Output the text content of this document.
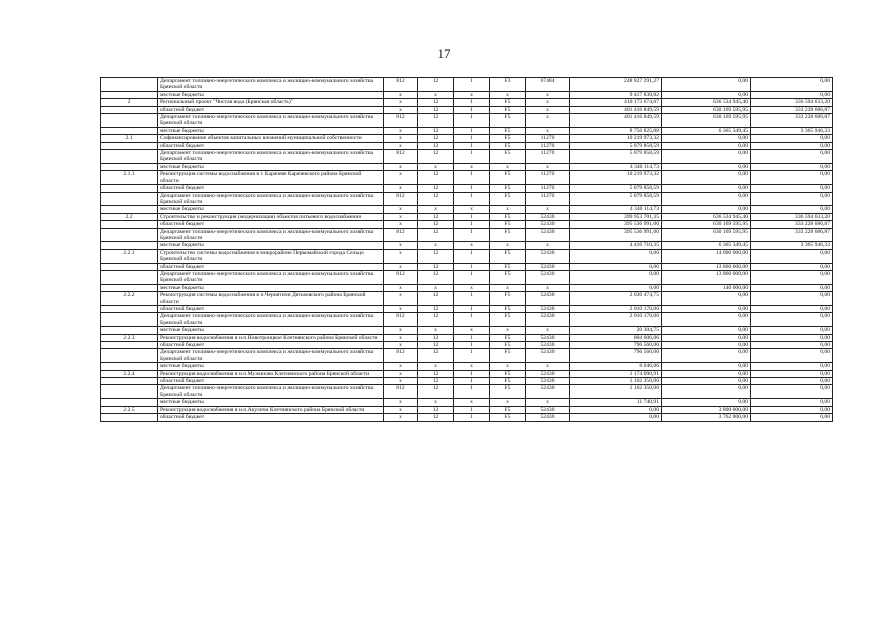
17
	Департамент топливно-энергетического комплекса и жилищно-коммунального хозяйства Брянской области	812	12	1	F3	67484	248 827 291,27	0,00	0,00
	местные бюджеты	x	x	x	x	x	9 417 830,82	0,00	0,00
2	Региональный проект "Чистая вода (Брянская область)"	x	12	1	F5	x	410 173 674,67	636 534 945,40	336 594 633,20
	областной бюджет	x	12	1	F5	x	401 416 849,59	630 169 595,95	333 228 686,87
	Департамент топливно-энергетического комплекса и жилищно-коммунального хозяйства Брянской области	812	12	1	F5	x	401 416 849,59	630 169 595,95	333 228 686,87
	местные бюджеты	x	12	1	F5	x	8 756 825,08	6 365 349,45	3 365 946,33
2.1	Софинансирование объектов капитальных вложений муниципальной собственности	x	12	1	F5	11270	10 219 973,32	0,00	0,00
	областной бюджет	x	12	1	F5	11270	5 879 858,59	0,00	0,00
	Департамент топливно-энергетического комплекса и жилищно-коммунального хозяйства Брянской области	812	12	1	F5	11270	5 879 858,59	0,00	0,00
	местные бюджеты	x	x	x	x	x	4 340 114,73	0,00	0,00
2.1.1	Реконструкция системы водоснабжения в г. Карачеве Карачевского района Брянской области	x	12	1	F5	11270	10 219 973,32	0,00	0,00
	областной бюджет	x	12	1	F5	11270	5 879 858,59	0,00	0,00
	Департамент топливно-энергетического комплекса и жилищно-коммунального хозяйства Брянской области	812	12	1	F5	11270	5 879 858,59	0,00	0,00
	местные бюджеты	x	x	x	x	x	4 340 114,73	0,00	0,00
2.2	Строительство и реконструкция (модернизация) объектов питьевого водоснабжения	x	12	1	F5	52430	399 953 701,35	636 534 945,40	336 594 633,20
	областной бюджет	x	12	1	F5	52430	395 536 991,00	630 169 595,95	333 228 686,87
	Департамент топливно-энергетического комплекса и жилищно-коммунального хозяйства Брянской области	812	12	1	F5	52430	395 536 991,00	630 169 595,95	333 228 686,87
	местные бюджеты	x	x	x	x	x	4 416 710,35	6 365 349,45	3 365 946,33
2.2.1	Строительство системы водоснабжения в микрорайоне Первомайский города Сельцо Брянской области	x	12	1	F5	52430	0,00	14 000 000,00	0,00
	областной бюджет	x	12	1	F5	52430	0,00	13 860 000,00	0,00
	Департамент топливно-энергетического комплекса и жилищно-коммунального хозяйства Брянской области	812	12	1	F5	52430	0,00	13 860 000,00	0,00
	местные бюджеты	x	x	x	x	x	0,00	140 000,00	0,00
2.2.2	Реконструкция системы водоснабжения в п.Чернятичи Дятьковского района Брянской области	x	12	1	F5	52430	2 030 474,75	0,00	0,00
	областной бюджет	x	12	1	F5	52430	2 010 170,00	0,00	0,00
	Департамент топливно-энергетического комплекса и жилищно-коммунального хозяйства Брянской области	812	12	1	F5	52430	2 010 170,00	0,00	0,00
	местные бюджеты	x	x	x	x	x	20 304,75	0,00	0,00
2.2.3	Реконструкция водоснабжения в н.п.Новотроицкое Клетнянского района Брянской области	x	12	1	F5	52430	804 606,06	0,00	0,00
	областной бюджет	x	12	1	F5	52430	796 560,00	0,00	0,00
	Департамент топливно-энергетического комплекса и жилищно-коммунального хозяйства Брянской области	812	12	1	F5	52430	796 560,00	0,00	0,00
	местные бюджеты	x	x	x	x	x	8 046,06	0,00	0,00
2.2.4	Реконструкция водоснабжения в н.п.Мужиново Клетнянского района Брянской области	x	12	1	F5	52430	1 174 090,91	0,00	0,00
	областной бюджет	x	12	1	F5	52430	1 162 350,00	0,00	0,00
	Департамент топливно-энергетического комплекса и жилищно-коммунального хозяйства Брянской области	812	12	1	F5	52430	1 162 350,00	0,00	0,00
	местные бюджеты	x	x	x	x	x	11 740,91	0,00	0,00
2.2.5	Реконструкция водоснабжения в н.п.Акуличи Клетнянского района Брянской области	x	12	1	F5	52430	0,00	3 800 000,00	0,00
	областной бюджет	x	12	1	F5	52430	0,00	3 762 000,00	0,00
